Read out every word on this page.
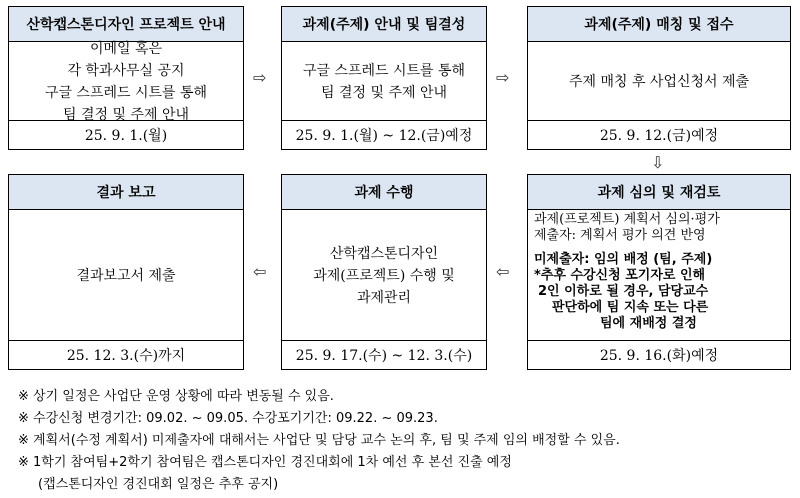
산학캡스톤디자인 프로젝트 안내
이메일 혹은
각 학과사무실 공지
구글 스프레드 시트를 통해
팀 결정 및 주제 안내
25. 9. 1.(월)
⇨
과제(주제) 안내 및 팀결성
구글 스프레드 시트를 통해
팀 결정 및 주제 안내
25. 9. 1.(월) ~ 12.(금)예정
⇨
과제(주제) 매칭 및 접수
주제 매칭 후 사업신청서 제출
25. 9. 12.(금)예정
⇩
결과 보고
결과보고서 제출
25. 12. 3.(수)까지
⇦
과제 수행
산학캡스톤디자인
과제(프로젝트) 수행 및
과제관리
25. 9. 17.(수) ~ 12. 3.(수)
⇦
과제 심의 및 재검토
과제(프로젝트) 계획서 심의·평가
제출자: 계획서 평가 의견 반영
미제출자: 임의 배정 (팀, 주제)
*추후 수강신청 포기자로 인해
2인 이하로 될 경우, 담당교수
판단하에 팀 지속 또는 다른
팀에 재배정 결정
25. 9. 16.(화)예정
※ 상기 일정은 사업단 운영 상황에 따라 변동될 수 있음.
※ 수강신청 변경기간: 09.02. ~ 09.05. 수강포기기간: 09.22. ~ 09.23.
※ 계획서(수정 계획서) 미제출자에 대해서는 사업단 및 담당 교수 논의 후, 팀 및 주제 임의 배정할 수 있음.
※ 1학기 참여팀+2학기 참여팀은 캡스톤디자인 경진대회에 1차 예선 후 본선 진출 예정
(캡스톤디자인 경진대회 일정은 추후 공지)
